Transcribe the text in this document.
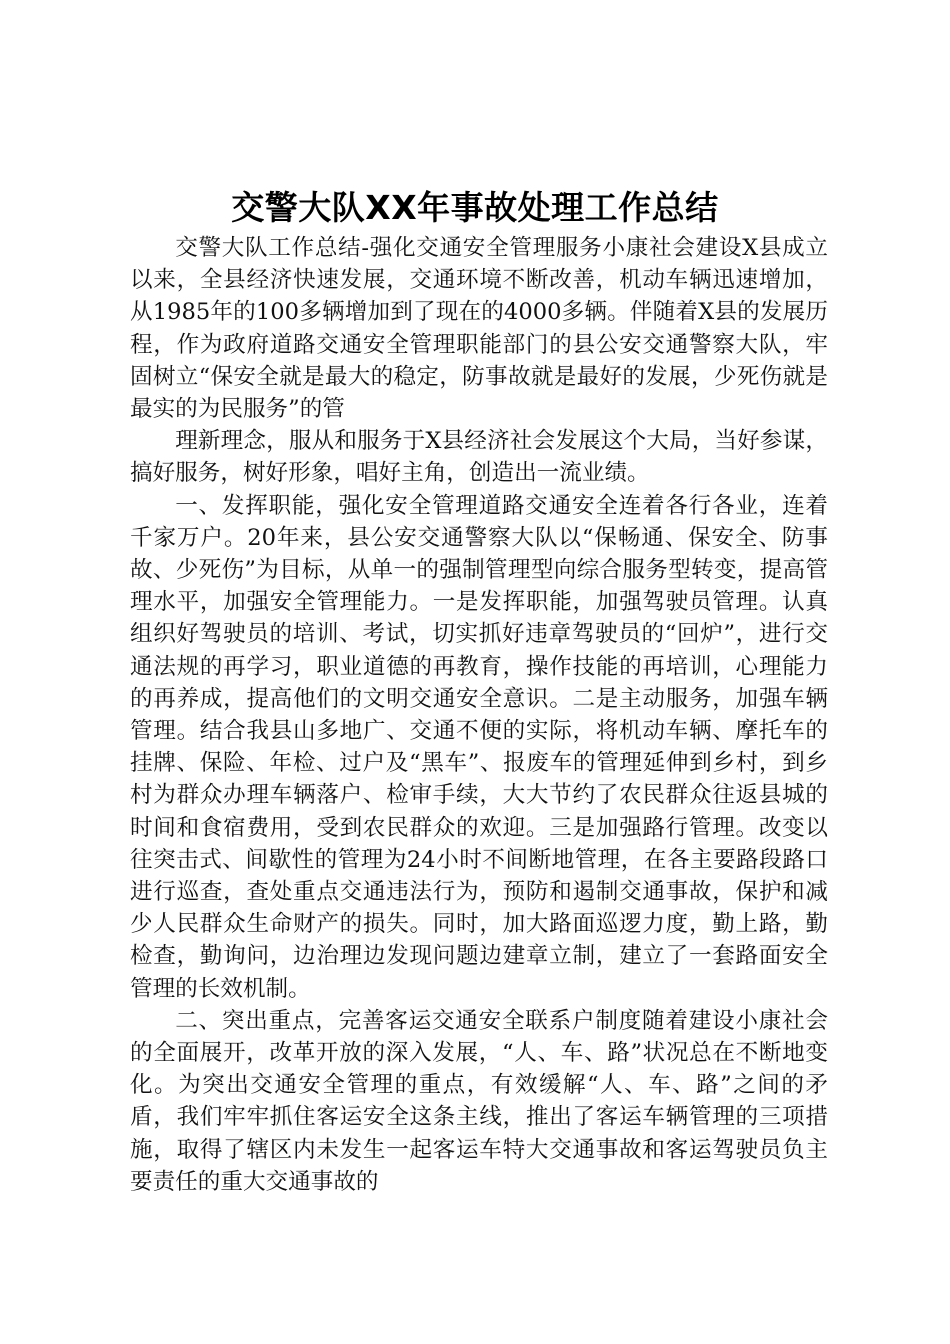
交警大队XX年事故处理工作总结

交警大队工作总结-强化交通安全管理服务小康社会建设X县成立以来，全县经济快速发展，交通环境不断改善，机动车辆迅速增加，从1985年的100多辆增加到了现在的4000多辆。伴随着X县的发展历程，作为政府道路交通安全管理职能部门的县公安交通警察大队，牢固树立“保安全就是最大的稳定，防事故就是最好的发展，少死伤就是最实的为民服务”的管

理新理念，服从和服务于X县经济社会发展这个大局，当好参谋，搞好服务，树好形象，唱好主角，创造出一流业绩。

一、发挥职能，强化安全管理道路交通安全连着各行各业，连着千家万户。20年来，县公安交通警察大队以“保畅通、保安全、防事故、少死伤”为目标，从单一的强制管理型向综合服务型转变，提高管理水平，加强安全管理能力。一是发挥职能，加强驾驶员管理。认真组织好驾驶员的培训、考试，切实抓好违章驾驶员的“回炉”，进行交通法规的再学习，职业道德的再教育，操作技能的再培训，心理能力的再养成，提高他们的文明交通安全意识。二是主动服务，加强车辆管理。结合我县山多地广、交通不便的实际，将机动车辆、摩托车的挂牌、保险、年检、过户及“黑车”、报废车的管理延伸到乡村，到乡村为群众办理车辆落户、检审手续，大大节约了农民群众往返县城的时间和食宿费用，受到农民群众的欢迎。三是加强路行管理。改变以往突击式、间歇性的管理为24小时不间断地管理，在各主要路段路口进行巡查，查处重点交通违法行为，预防和遏制交通事故，保护和减少人民群众生命财产的损失。同时，加大路面巡逻力度，勤上路，勤检查，勤询问，边治理边发现问题边建章立制，建立了一套路面安全管理的长效机制。

二、突出重点，完善客运交通安全联系户制度随着建设小康社会的全面展开，改革开放的深入发展，“人、车、路”状况总在不断地变化。为突出交通安全管理的重点，有效缓解“人、车、路”之间的矛盾，我们牢牢抓住客运安全这条主线，推出了客运车辆管理的三项措施，取得了辖区内未发生一起客运车特大交通事故和客运驾驶员负主要责任的重大交通事故的
